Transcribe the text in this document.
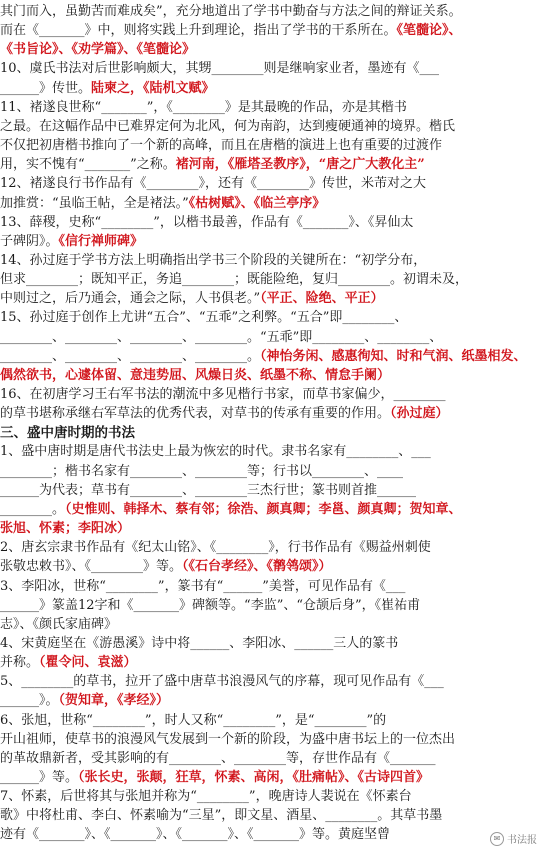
其门而入，虽勤苦而难成矣”，充分地道出了学书中勤奋与方法之间的辩证关系。
而在《_______》中，则将实践上升到理论，指出了学书的干系所在。《笔髓论》、
《书旨论》、《劝学篇》、《笔髓论》
10、虞氏书法对后世影响颇大，其甥________则是继响家业者，墨迹有《___
______》传世。陆柬之，《陆机文赋》
11、褚遂良世称“_______”，《________》是其最晚的作品，亦是其楷书
之最。在这幅作品中已难界定何为北风，何为南韵，达到瘦硬通神的境界。楷氏
不仅把初唐楷书推向了一个新的高峰，而且在唐楷的演进上也有重要的过渡作
用，实不愧有“_______”之称。褚河南，《雁塔圣教序》，“唐之广大教化主”
12、褚遂良行书作品有《________》，还有《________》传世，米芾对之大
加推赏：“虽临王帖，全是褚法。”《枯树赋》、《临兰亭序》
13、薛稷，史称“________”，以楷书最善，作品有《_______》、《昇仙太
子碑阴》。《信行禅师碑》
14、孙过庭于学书方法上明确指出学书三个阶段的关键所在：“初学分布，
但求________；既知平正，务追________；既能险绝，复归________。初谓未及，
中则过之，后乃通会，通会之际，人书俱老。”（平正、险绝、平正）
15、孙过庭于创作上尤讲“五合”、“五乖”之利弊。“五合”即________、
________、________、________、________。“五乖”即________、________、
________、________、________、________。（神怡务闲、感惠徇知、时和气润、纸墨相发、
偶然欲书，心遽体留、意违势屈、风燥日炎、纸墨不称、情怠手阑）
16、在初唐学习王右军书法的潮流中多见楷行书家，而草书家偏少，________
的草书堪称承继右军草法的优秀代表，对草书的传承有重要的作用。（孙过庭）
三、盛中唐时期的书法
1、盛中唐时期是唐代书法史上最为恢宏的时代。隶书名家有________、___
________；楷书名家有________、________等；行书以________、____
______为代表；草书有________、________三杰行世；篆书则首推______
________。（史惟则、韩择木、蔡有邻；徐浩、颜真卿；李邕、颜真卿；贺知章、
张旭、怀素；李阳冰）
2、唐玄宗隶书作品有《纪太山铭》、《________》，行书作品有《赐益州刺使
张敬忠敕书》、《________》等。（《石台孝经》、《鹡鸰颂》）
3、李阳冰，世称“________”，篆书有“______”美誉，可见作品有《___
______》篆盖12字和《_______》碑额等。“李监”、“仓颉后身”，《崔祐甫
志》、《颜氏家庙碑》
4、宋黄庭坚在《游愚溪》诗中将______、李阳冰、______三人的篆书
并称。（瞿令问、袁滋）
5、________的草书，拉开了盛中唐草书浪漫风气的序幕，现可见作品有《___
______》。（贺知章，《孝经》）
6、张旭，世称“________”，时人又称“________”，是“________”的
开山祖师，使草书的浪漫风气发展到一个新的阶段，为盛中唐书坛上的一位杰出
的革故鼎新者，受其影响的有________、________等，存世作品有《_______
______》等。（张长史，张颠，狂草，怀素、高闲，《肚痛帖》、《古诗四首》
7、怀素，后世将其与张旭并称为“________”，晚唐诗人裴说在《怀素台
歌》中将杜甫、李白、怀素喻为“三星”，即文星、酒星、________。其草书墨
迹有《_______》、《_______》、《_______》、《_______》等。黄庭坚曾	✉ 书法报
